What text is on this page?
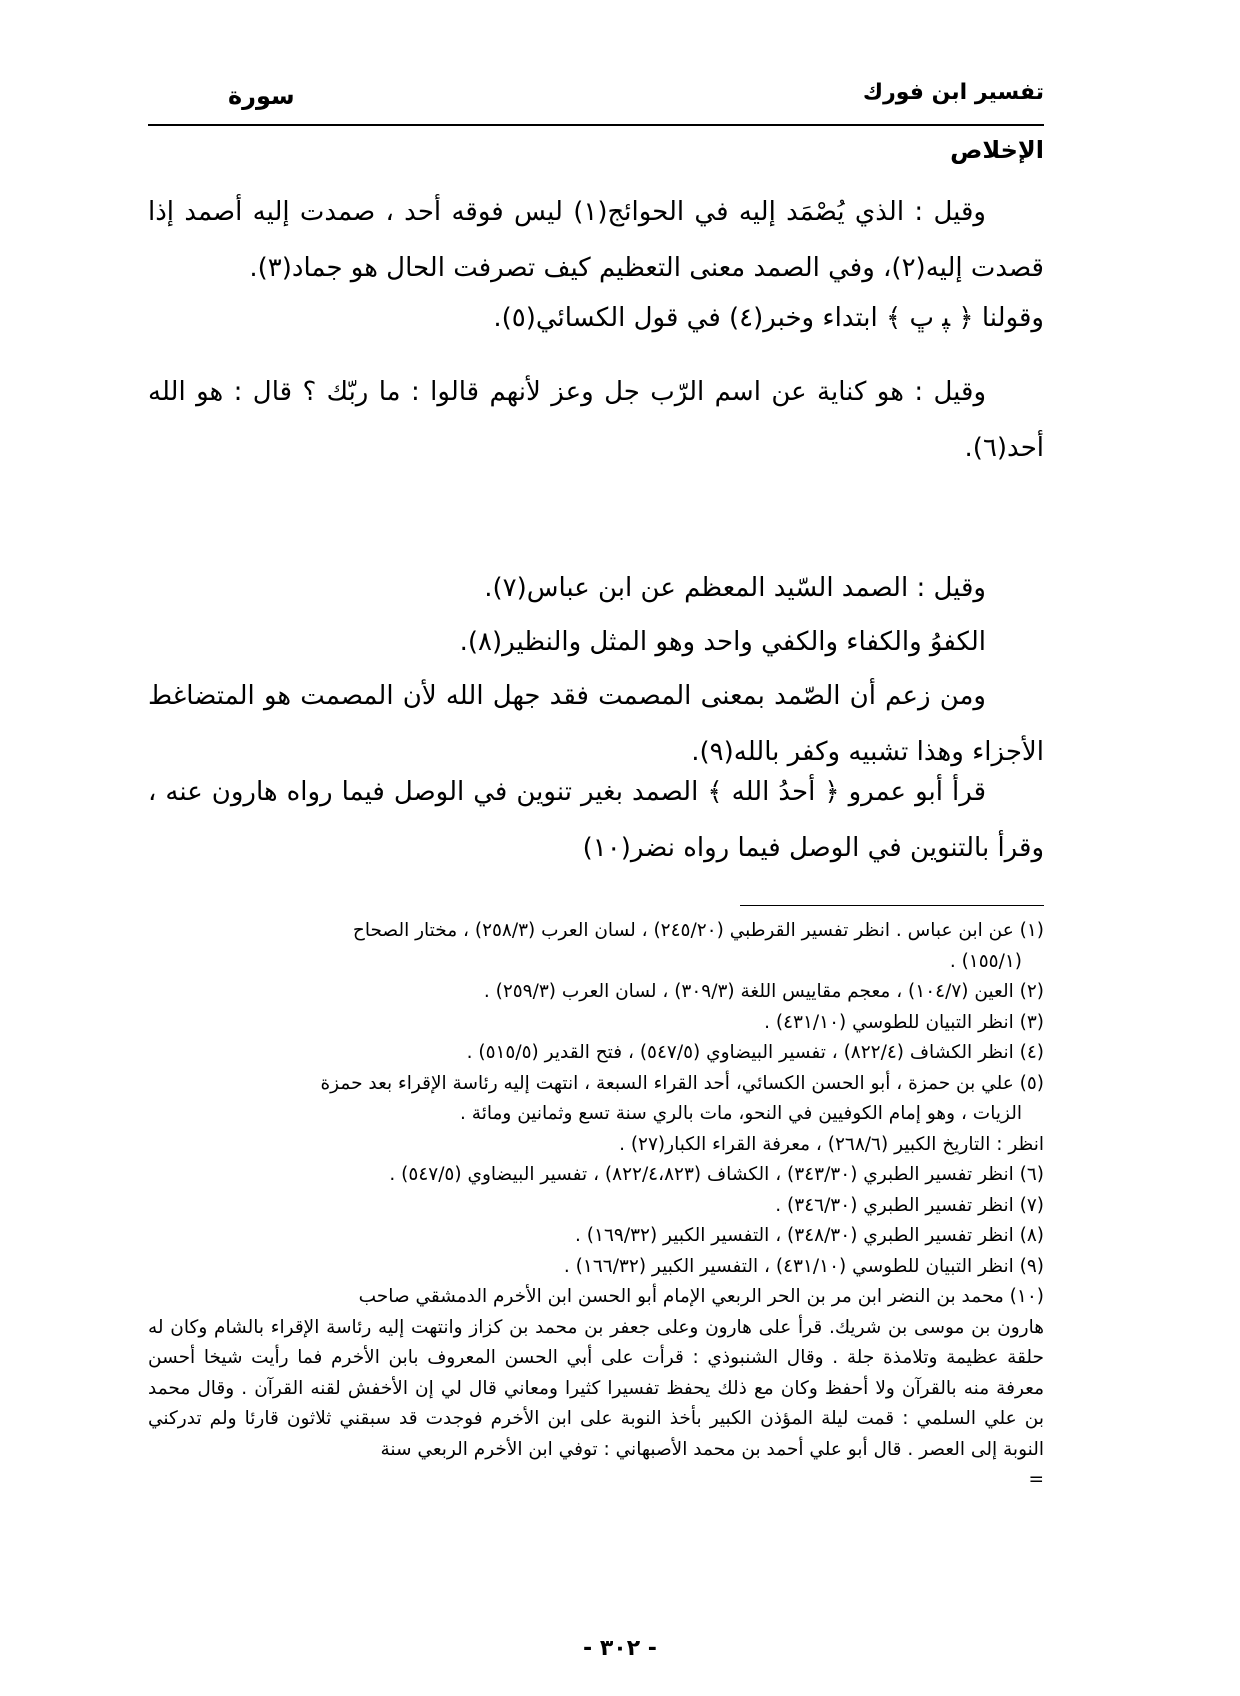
تفسير ابن فورك
سورة
الإخلاص
وقيل : الذي يُصْمَد إليه في الحوائج(١) ليس فوقه أحد ، صمدت إليه أصمد إذا قصدت إليه(٢)، وفي الصمد معنى التعظيم كيف تصرفت الحال هو جماد(٣).
وقولنا ﴿ ﭙ ﭚ ﴾ ابتداء وخبر(٤) في قول الكسائي(٥).
وقيل : هو كناية عن اسم الرّب جل وعز لأنهم قالوا : ما ربّك ؟ قال : هو الله أحد(٦).
وقيل : الصمد السّيد المعظم عن ابن عباس(٧).
الكفوُ والكفاء والكفي واحد وهو المثل والنظير(٨).
ومن زعم أن الصّمد بمعنى المصمت فقد جهل الله لأن المصمت هو المتضاغط الأجزاء وهذا تشبيه وكفر بالله(٩).
قرأ أبو عمرو ﴿ أحدُ الله ﴾ الصمد بغير تنوين في الوصل فيما رواه هارون عنه ، وقرأ بالتنوين في الوصل فيما رواه نضر(١٠)
(١) عن ابن عباس . انظر تفسير القرطبي (٢٤٥/٢٠) ، لسان العرب (٢٥٨/٣) ، مختار الصحاح
(١٥٥/١) .
(٢) العين (١٠٤/٧) ، معجم مقاييس اللغة (٣٠٩/٣) ، لسان العرب (٢٥٩/٣) .
(٣) انظر التبيان للطوسي (٤٣١/١٠) .
(٤) انظر الكشاف (٨٢٢/٤) ، تفسير البيضاوي (٥٤٧/٥) ، فتح القدير (٥١٥/٥) .
(٥) علي بن حمزة ، أبو الحسن الكسائي، أحد القراء السبعة ، انتهت إليه رئاسة الإقراء بعد حمزة
الزيات ، وهو إمام الكوفيين في النحو، مات بالري سنة تسع وثمانين ومائة .
انظر : التاريخ الكبير (٢٦٨/٦) ، معرفة القراء الكبار(٢٧) .
(٦) انظر تفسير الطبري (٣٤٣/٣٠) ، الكشاف (٨٢٢/٤،٨٢٣) ، تفسير البيضاوي (٥٤٧/٥) .
(٧) انظر تفسير الطبري (٣٤٦/٣٠) .
(٨) انظر تفسير الطبري (٣٤٨/٣٠) ، التفسير الكبير (١٦٩/٣٢) .
(٩) انظر التبيان للطوسي (٤٣١/١٠) ، التفسير الكبير (١٦٦/٣٢) .
(١٠) محمد بن النضر ابن مر بن الحر الربعي الإمام أبو الحسن ابن الأخرم الدمشقي صاحب
هارون بن موسى بن شريك. قرأ على هارون وعلى جعفر بن محمد بن كزاز وانتهت إليه رئاسة الإقراء بالشام وكان له حلقة عظيمة وتلامذة جلة . وقال الشنبوذي : قرأت على أبي الحسن المعروف بابن الأخرم فما رأيت شيخا أحسن معرفة منه بالقرآن ولا أحفظ وكان مع ذلك يحفظ تفسيرا كثيرا ومعاني قال لي إن الأخفش لقنه القرآن . وقال محمد بن علي السلمي : قمت ليلة المؤذن الكبير بأخذ النوبة على ابن الأخرم فوجدت قد سبقني ثلاثون قارئا ولم تدركني النوبة إلى العصر . قال أبو علي أحمد بن محمد الأصبهاني : توفي ابن الأخرم الربعي سنة
=
- ٣٠٢ -
